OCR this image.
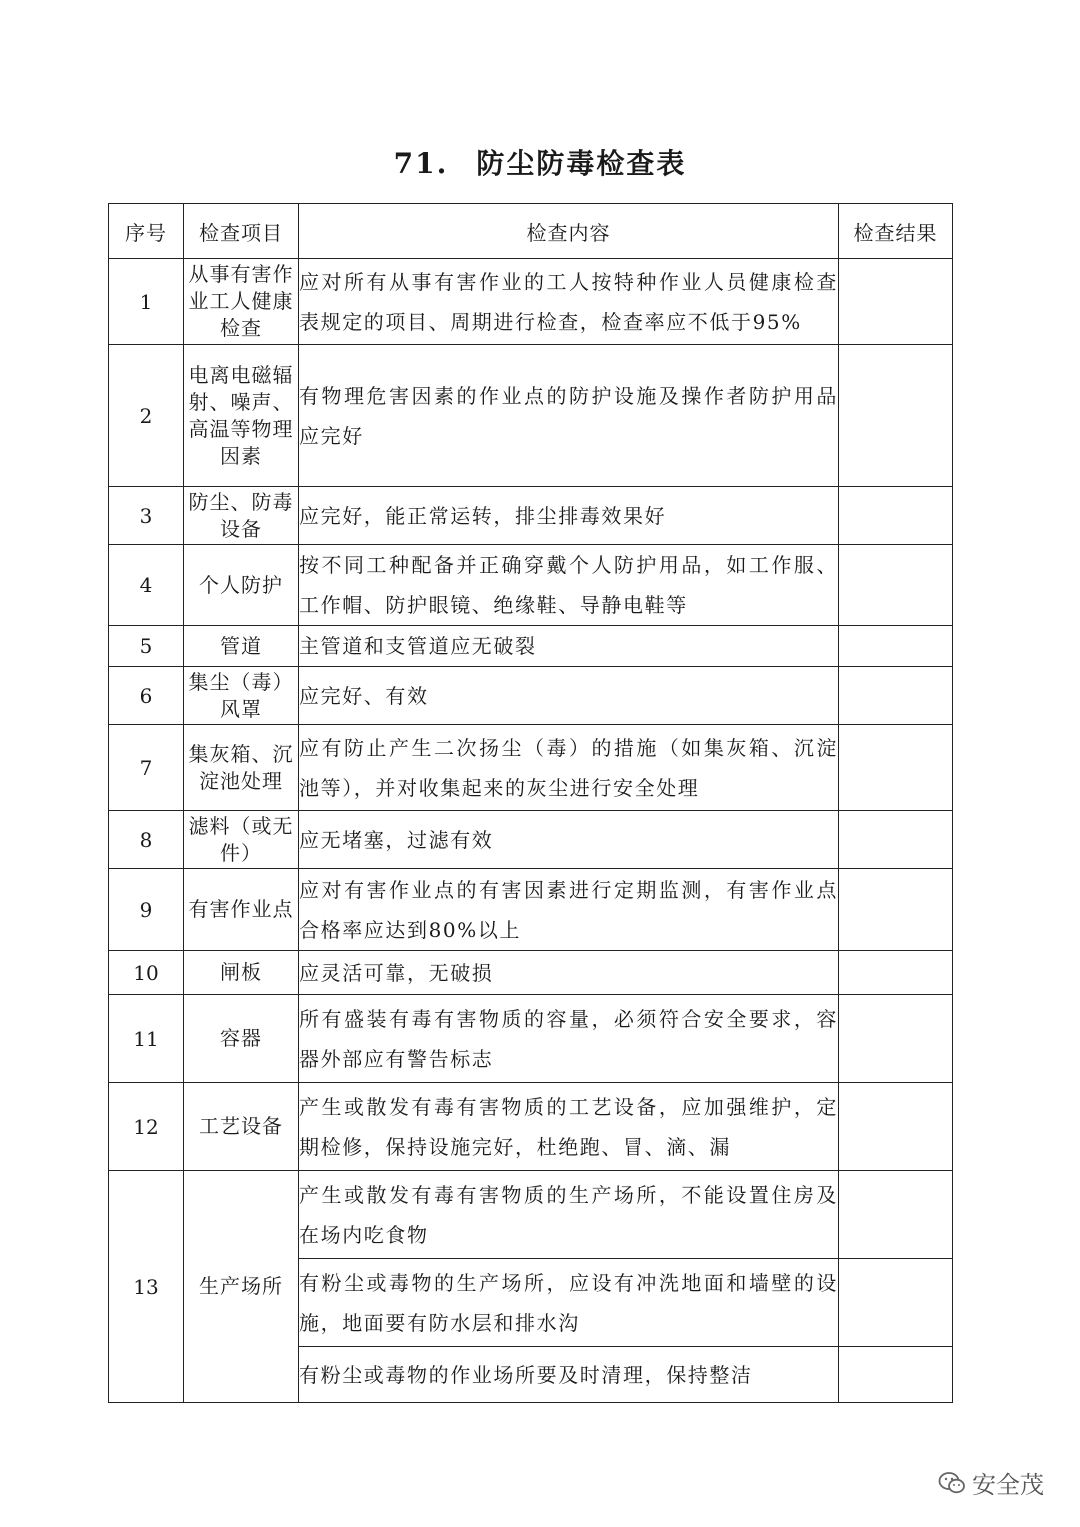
71. 防尘防毒检查表
序号	检查项目	检查内容	检查结果
1	从事有害作业工人健康检查	应对所有从事有害作业的工人按特种作业人员健康检查表规定的项目、周期进行检查，检查率应不低于95%	
2	电离电磁辐射、噪声、高温等物理因素	有物理危害因素的作业点的防护设施及操作者防护用品应完好	
3	防尘、防毒设备	应完好，能正常运转，排尘排毒效果好	
4	个人防护	按不同工种配备并正确穿戴个人防护用品，如工作服、工作帽、防护眼镜、绝缘鞋、导静电鞋等	
5	管道	主管道和支管道应无破裂	
6	集尘（毒）风罩	应完好、有效	
7	集灰箱、沉淀池处理	应有防止产生二次扬尘（毒）的措施（如集灰箱、沉淀池等），并对收集起来的灰尘进行安全处理	
8	滤料（或无件）	应无堵塞，过滤有效	
9	有害作业点	应对有害作业点的有害因素进行定期监测，有害作业点合格率应达到80%以上	
10	闸板	应灵活可靠，无破损	
11	容器	所有盛装有毒有害物质的容量，必须符合安全要求，容器外部应有警告标志	
12	工艺设备	产生或散发有毒有害物质的工艺设备，应加强维护，定期检修，保持设施完好，杜绝跑、冒、滴、漏	
13	生产场所	产生或散发有毒有害物质的生产场所，不能设置住房及在场内吃食物	
		有粉尘或毒物的生产场所，应设有冲洗地面和墙壁的设施，地面要有防水层和排水沟	
		有粉尘或毒物的作业场所要及时清理，保持整洁	
安全茂
